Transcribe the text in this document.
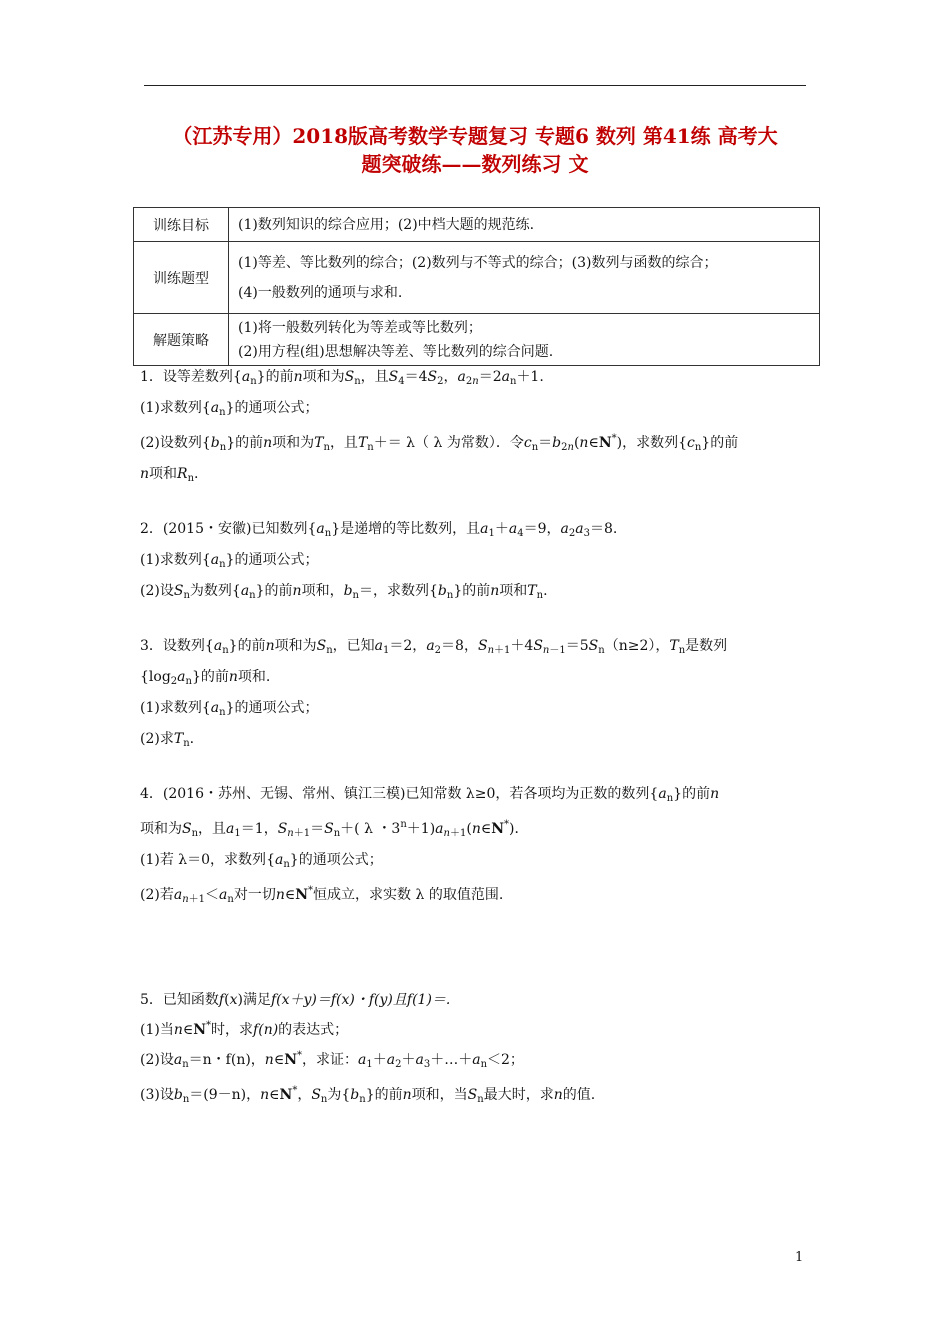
（江苏专用）2018版高考数学专题复习 专题6 数列 第41练 高考大
题突破练——数列练习 文
训练目标	(1)数列知识的综合应用；(2)中档大题的规范练.

训练题型	(1)等差、等比数列的综合；(2)数列与不等式的综合；(3)数列与函数的综合；
(4)一般数列的通项与求和.

解题策略	(1)将一般数列转化为等差或等比数列；
(2)用方程(组)思想解决等差、等比数列的综合问题.
1．设等差数列$\{a_n\}$的前n项和为$S_n$，且$S_4=4S_2$，$a_{2n}=2a_n+1$.
(1)求数列$\{a_n\}$的通项公式；
(2)设数列$\{b_n\}$的前n项和为$T_n$，且$T_n+= \lambda$（ λ 为常数）．令$c_n=b_{2n}(n\in N^*)$，求数列$\{c_n\}$的前
n项和$R_n$.
2．(2015・安徽)已知数列$\{a_n\}$是递增的等比数列，且$a_1+a_4=9$，$a_2a_3=8$.
(1)求数列$\{a_n\}$的通项公式；
(2)设$S_n$为数列$\{a_n\}$的前n项和，$b_n=$，求数列$\{b_n\}$的前n项和$T_n$.
3．设数列$\{a_n\}$的前n项和为$S_n$，已知$a_1=2$，$a_2=8$，$S_{n+1}+4S_{n-1}=5S_n(n\ge 2)$，$T_n$是数列
$\{\log_2a_n\}$的前n项和.
(1)求数列$\{a_n\}$的通项公式；
(2)求$T_n$.
4．(2016・苏州、无锡、常州、镇江三模)已知常数 λ≥0，若各项均为正数的数列$\{a_n\}$的前n
项和为$S_n$，且$a_1=1$，$S_{n+1}=S_n+$( λ ・$3^n+1)a_{n+1}(n\in N^*)$．
(1)若 λ＝0，求数列$\{a_n\}$的通项公式；
(2)若$a_{n+1}<a_n$对一切n∈N*恒成立，求实数 λ 的取值范围.
5．已知函数f(x)满足f(x＋y)＝f(x)・f(y)且f(1)＝.
(1)当n∈N*时，求f(n)的表达式；
(2)设$a_n=n$・f(n)，n∈N*，求证：$a_1+a_2+a_3+\dots+a_n<2$；
(3)设$b_n=(9-n)$，n∈N*，$S_n$为$\{b_n\}$的前n项和，当$S_n$最大时，求n的值.
1
